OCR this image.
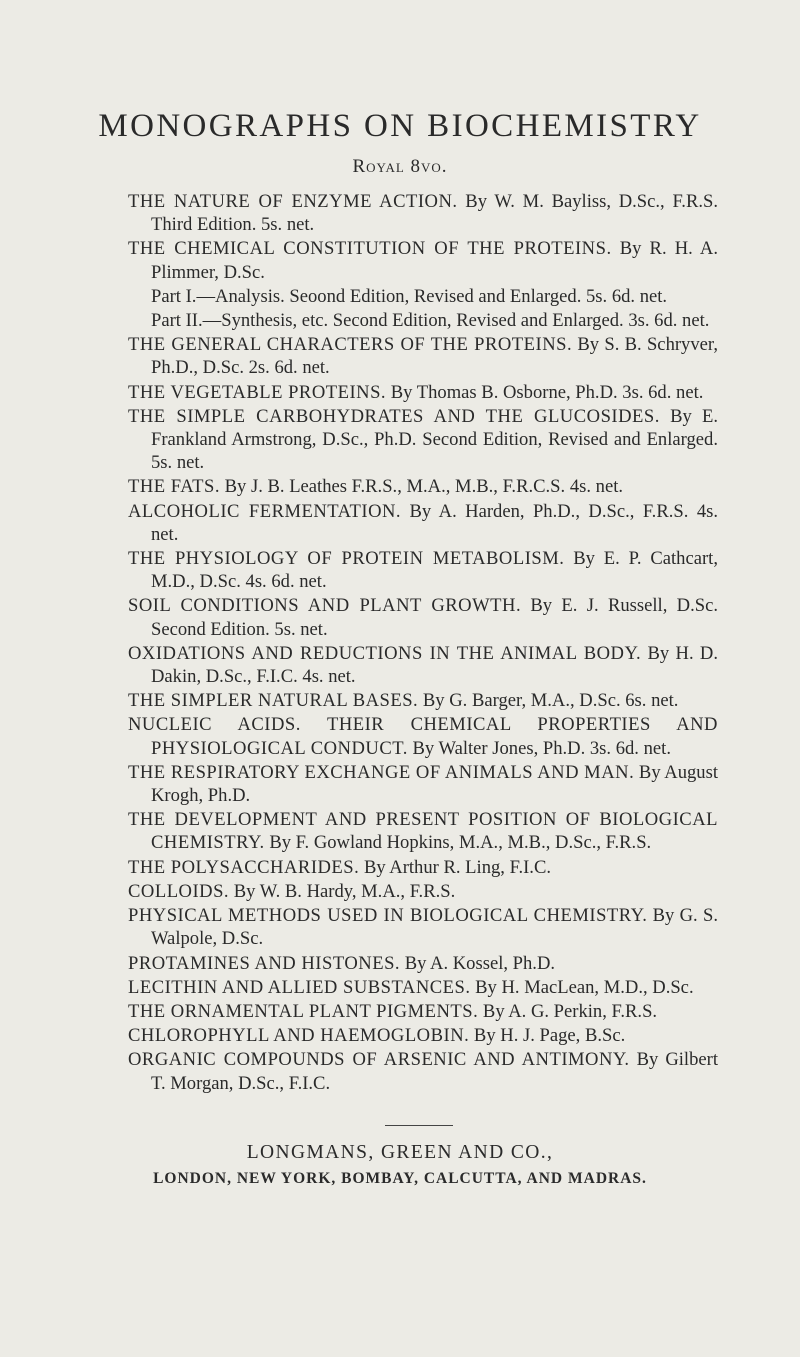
MONOGRAPHS ON BIOCHEMISTRY
Royal 8vo.
THE NATURE OF ENZYME ACTION. By W. M. Bayliss, D.Sc., F.R.S. Third Edition. 5s. net.
THE CHEMICAL CONSTITUTION OF THE PROTEINS. By R. H. A. Plimmer, D.Sc.
Part I.—Analysis. Seoond Edition, Revised and Enlarged. 5s. 6d. net.
Part II.—Synthesis, etc. Second Edition, Revised and Enlarged. 3s. 6d. net.
THE GENERAL CHARACTERS OF THE PROTEINS. By S. B. Schryver, Ph.D., D.Sc. 2s. 6d. net.
THE VEGETABLE PROTEINS. By Thomas B. Osborne, Ph.D. 3s. 6d. net.
THE SIMPLE CARBOHYDRATES AND THE GLUCOSIDES. By E. Frankland Armstrong, D.Sc., Ph.D. Second Edition, Revised and Enlarged. 5s. net.
THE FATS. By J. B. Leathes F.R.S., M.A., M.B., F.R.C.S. 4s. net.
ALCOHOLIC FERMENTATION. By A. Harden, Ph.D., D.Sc., F.R.S. 4s. net.
THE PHYSIOLOGY OF PROTEIN METABOLISM. By E. P. Cathcart, M.D., D.Sc. 4s. 6d. net.
SOIL CONDITIONS AND PLANT GROWTH. By E. J. Russell, D.Sc. Second Edition. 5s. net.
OXIDATIONS AND REDUCTIONS IN THE ANIMAL BODY. By H. D. Dakin, D.Sc., F.I.C. 4s. net.
THE SIMPLER NATURAL BASES. By G. Barger, M.A., D.Sc. 6s. net.
NUCLEIC ACIDS. THEIR CHEMICAL PROPERTIES AND PHYSIOLOGICAL CONDUCT. By Walter Jones, Ph.D. 3s. 6d. net.
THE RESPIRATORY EXCHANGE OF ANIMALS AND MAN. By August Krogh, Ph.D.
THE DEVELOPMENT AND PRESENT POSITION OF BIOLOGICAL CHEMISTRY. By F. Gowland Hopkins, M.A., M.B., D.Sc., F.R.S.
THE POLYSACCHARIDES. By Arthur R. Ling, F.I.C.
COLLOIDS. By W. B. Hardy, M.A., F.R.S.
PHYSICAL METHODS USED IN BIOLOGICAL CHEMISTRY. By G. S. Walpole, D.Sc.
PROTAMINES AND HISTONES. By A. Kossel, Ph.D.
LECITHIN AND ALLIED SUBSTANCES. By H. MacLean, M.D., D.Sc.
THE ORNAMENTAL PLANT PIGMENTS. By A. G. Perkin, F.R.S.
CHLOROPHYLL AND HAEMOGLOBIN. By H. J. Page, B.Sc.
ORGANIC COMPOUNDS OF ARSENIC AND ANTIMONY. By Gilbert T. Morgan, D.Sc., F.I.C.
LONGMANS, GREEN AND CO.,
LONDON, NEW YORK, BOMBAY, CALCUTTA, AND MADRAS.
